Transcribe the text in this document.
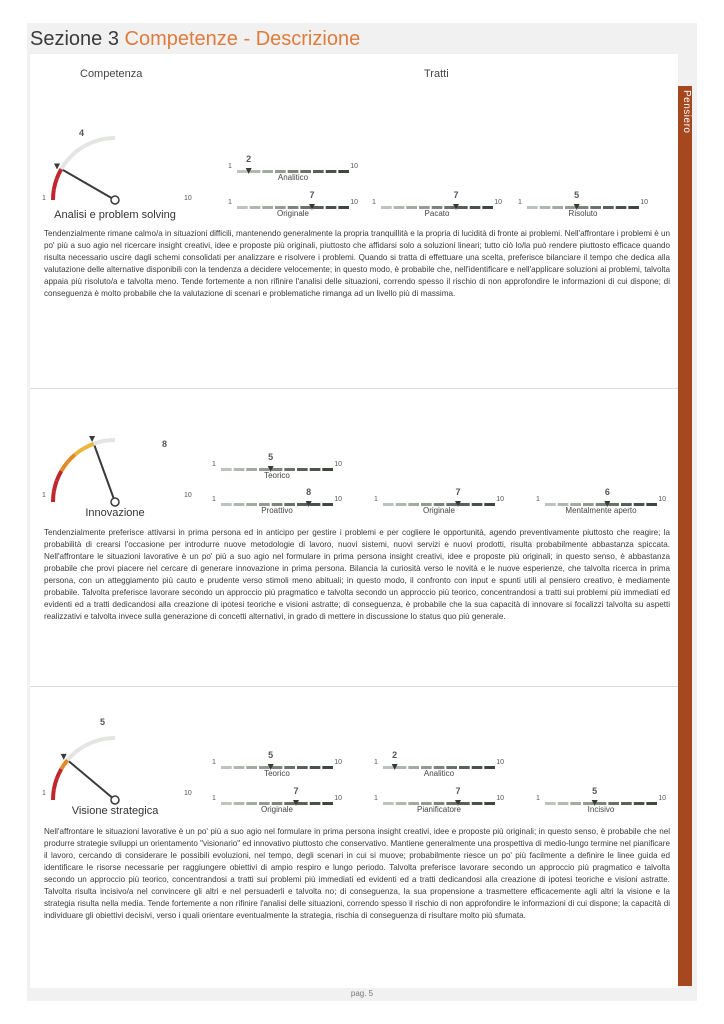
Sezione 3 Competenze - Descrizione
Pensiero
Competenza	Tratti
4
1	10
Analisi e problem solving
Tendenzialmente rimane calmo/a in situazioni difficili, mantenendo generalmente la propria tranquillità e la propria di lucidità di fronte ai problemi. Nell'affrontare i problemi è un po' più a suo agio nel ricercare insight creativi, idee e proposte più originali, piuttosto che affidarsi solo a soluzioni lineari; tutto ciò lo/la può rendere piuttosto efficace quando risulta necessario uscire dagli schemi consolidati per analizzare e risolvere i problemi. Quando si tratta di effettuare una scelta, preferisce bilanciare il tempo che dedica alla valutazione delle alternative disponibili con la tendenza a decidere velocemente; in questo modo, è probabile che, nell'identificare e nell'applicare soluzioni ai problemi, talvolta appaia più risoluto/a e talvolta meno. Tende fortemente a non rifinire l'analisi delle situazioni, correndo spesso il rischio di non approfondire le informazioni di cui dispone; di conseguenza è molto probabile che la valutazione di scenari e problematiche rimanga ad un livello più di massima.
8
1	10
Innovazione
Tendenzialmente preferisce attivarsi in prima persona ed in anticipo per gestire i problemi e per cogliere le opportunità, agendo preventivamente piuttosto che reagire; la probabilità di crearsi l'occasione per introdurre nuove metodologie di lavoro, nuovi sistemi, nuovi servizi e nuovi prodotti, risulta probabilmente abbastanza spiccata. Nell'affrontare le situazioni lavorative è un po' più a suo agio nel formulare in prima persona insight creativi, idee e proposte più originali; in questo senso, è abbastanza probabile che provi piacere nel cercare di generare innovazione in prima persona. Bilancia la curiosità verso le novità e le nuove esperienze, che talvolta ricerca in prima persona, con un atteggiamento più cauto e prudente verso stimoli meno abituali; in questo modo, il confronto con input e spunti utili al pensiero creativo, è mediamente probabile. Talvolta preferisce lavorare secondo un approccio più pragmatico e talvolta secondo un approccio più teorico, concentrandosi a tratti sui problemi più immediati ed evidenti ed a tratti dedicandosi alla creazione di ipotesi teoriche e visioni astratte; di conseguenza, è probabile che la sua capacità di innovare si focalizzi talvolta su aspetti realizzativi e talvolta invece sulla generazione di concetti alternativi, in grado di mettere in discussione lo status quo più generale.
5
1	10
Visione strategica
Nell'affrontare le situazioni lavorative è un po' più a suo agio nel formulare in prima persona insight creativi, idee e proposte più originali; in questo senso, è probabile che nel produrre strategie sviluppi un orientamento "visionario" ed innovativo piuttosto che conservativo. Mantiene generalmente una prospettiva di medio-lungo termine nel pianificare il lavoro, cercando di considerare le possibili evoluzioni, nel tempo, degli scenari in cui si muove; probabilmente riesce un po' più facilmente a definire le linee guida ed identificare le risorse necessarie per raggiungere obiettivi di ampio respiro e lungo periodo. Talvolta preferisce lavorare secondo un approccio più pragmatico e talvolta secondo un approccio più teorico, concentrandosi a tratti sui problemi più immediati ed evidenti ed a tratti dedicandosi alla creazione di ipotesi teoriche e visioni astratte. Talvolta risulta incisivo/a nel convincere gli altri e nel persuaderli e talvolta no; di conseguenza, la sua propensione a trasmettere efficacemente agli altri la visione e la strategia risulta nella media. Tende fortemente a non rifinire l'analisi delle situazioni, correndo spesso il rischio di non approfondire le informazioni di cui dispone; la capacità di individuare gli obiettivi decisivi, verso i quali orientare eventualmente la strategia, rischia di conseguenza di risultare molto più sfumata.
1	10
2
Analitico
1	10
7
Originale
1	10
7
Pacato
1	10
5
Risoluto
1	10
5
Teorico
1	10
8
Proattivo
1	10
7
Originale
1	10
6
Mentalmente aperto
1	10
5
Teorico
1	10
2
Analitico
1	10
7
Originale
1	10
7
Pianificatore
1	10
5
Incisivo
pag. 5
